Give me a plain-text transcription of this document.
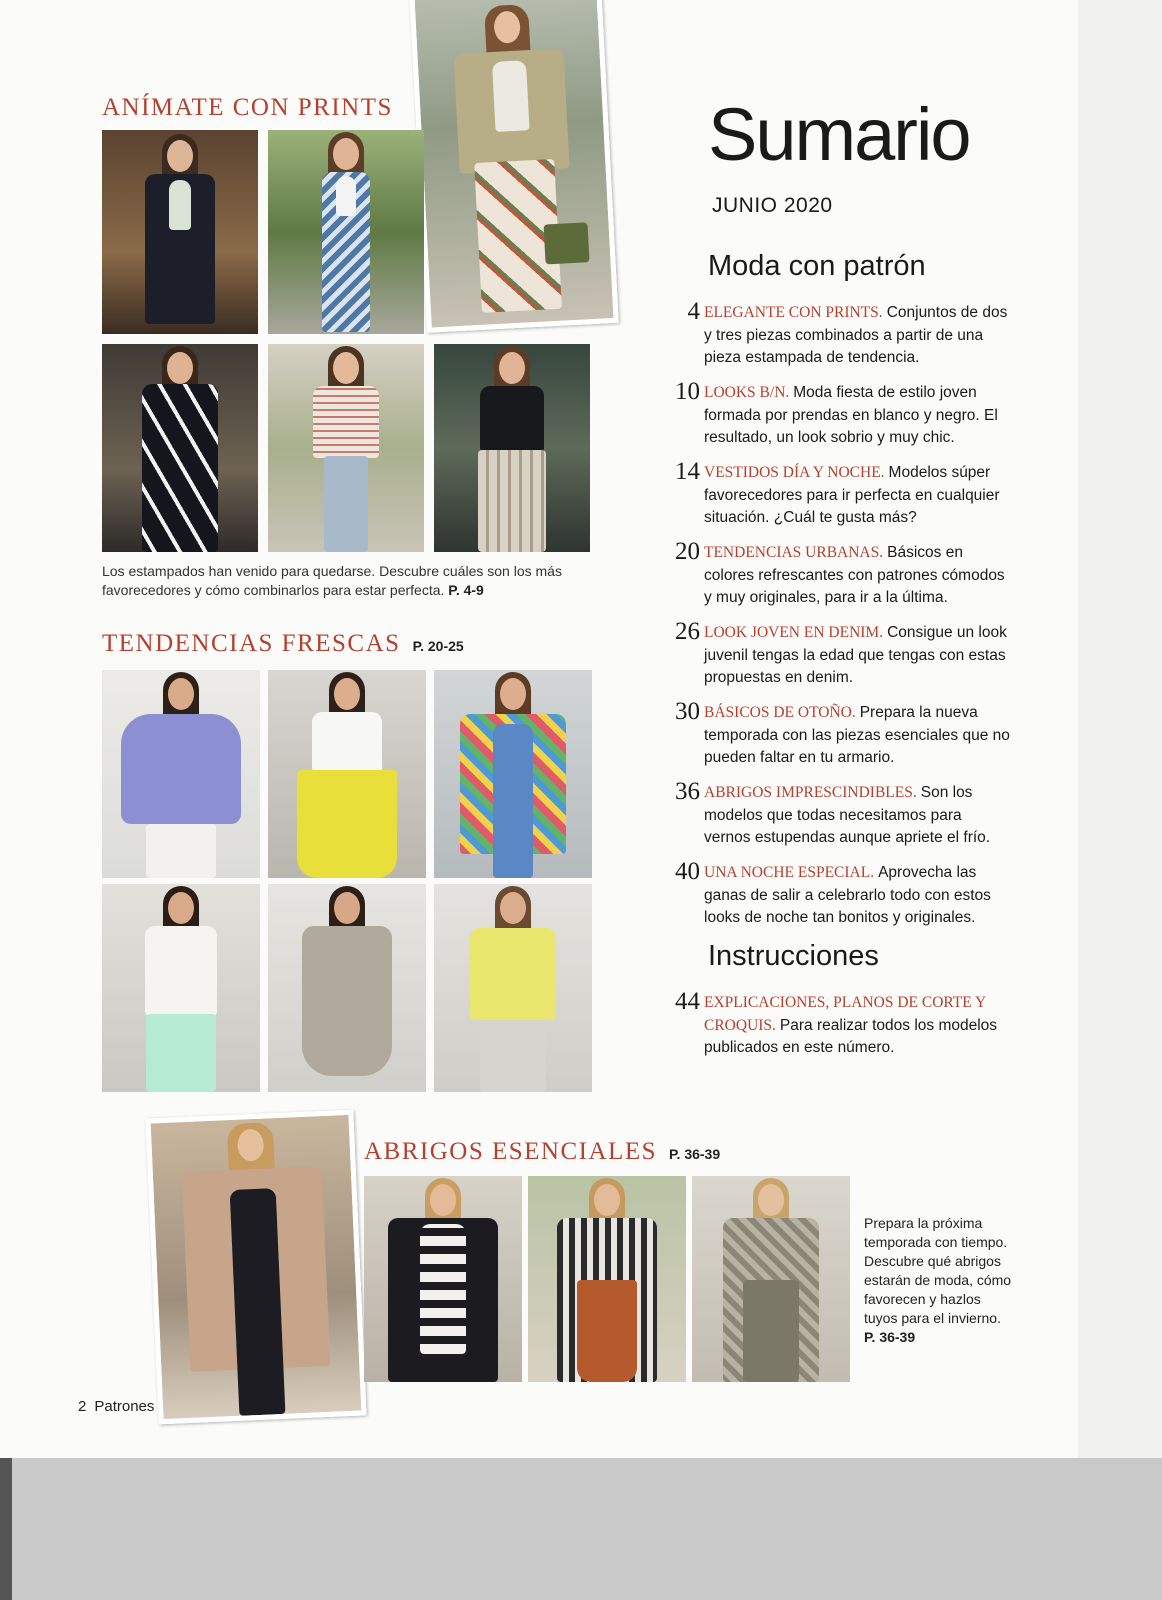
ANÍMATE CON PRINTS

Los estampados han venido para quedarse. Descubre cuáles son los más favorecedores y cómo combinarlos para estar perfecta. P. 4-9

TENDENCIAS FRESCAS P. 20-25
ABRIGOS ESENCIALES P. 36-39

Prepara la próxima temporada con tiempo. Descubre qué abrigos estarán de moda, cómo favorecen y hazlos tuyos para el invierno.
P. 36-39

Sumario

JUNIO 2020

Moda con patrón
4 ELEGANTE CON PRINTS. Conjuntos de dos y tres piezas combinados a partir de una pieza estampada de tendencia.

10 LOOKS B/N. Moda fiesta de estilo joven formada por prendas en blanco y negro. El resultado, un look sobrio y muy chic.

14 VESTIDOS DÍA Y NOCHE. Modelos súper favorecedores para ir perfecta en cualquier situación. ¿Cuál te gusta más?

20 TENDENCIAS URBANAS. Básicos en colores refrescantes con patrones cómodos y muy originales, para ir a la última.

26 LOOK JOVEN EN DENIM. Consigue un look juvenil tengas la edad que tengas con estas propuestas en denim.

30 BÁSICOS DE OTOÑO. Prepara la nueva temporada con las piezas esenciales que no pueden faltar en tu armario.

36 ABRIGOS IMPRESCINDIBLES. Son los modelos que todas necesitamos para vernos estupendas aunque apriete el frío.

40 UNA NOCHE ESPECIAL. Aprovecha las ganas de salir a celebrarlo todo con estos looks de noche tan bonitos y originales.

Instrucciones
44 EXPLICACIONES, PLANOS DE CORTE Y CROQUIS. Para realizar todos los modelos publicados en este número.

2 Patrones
